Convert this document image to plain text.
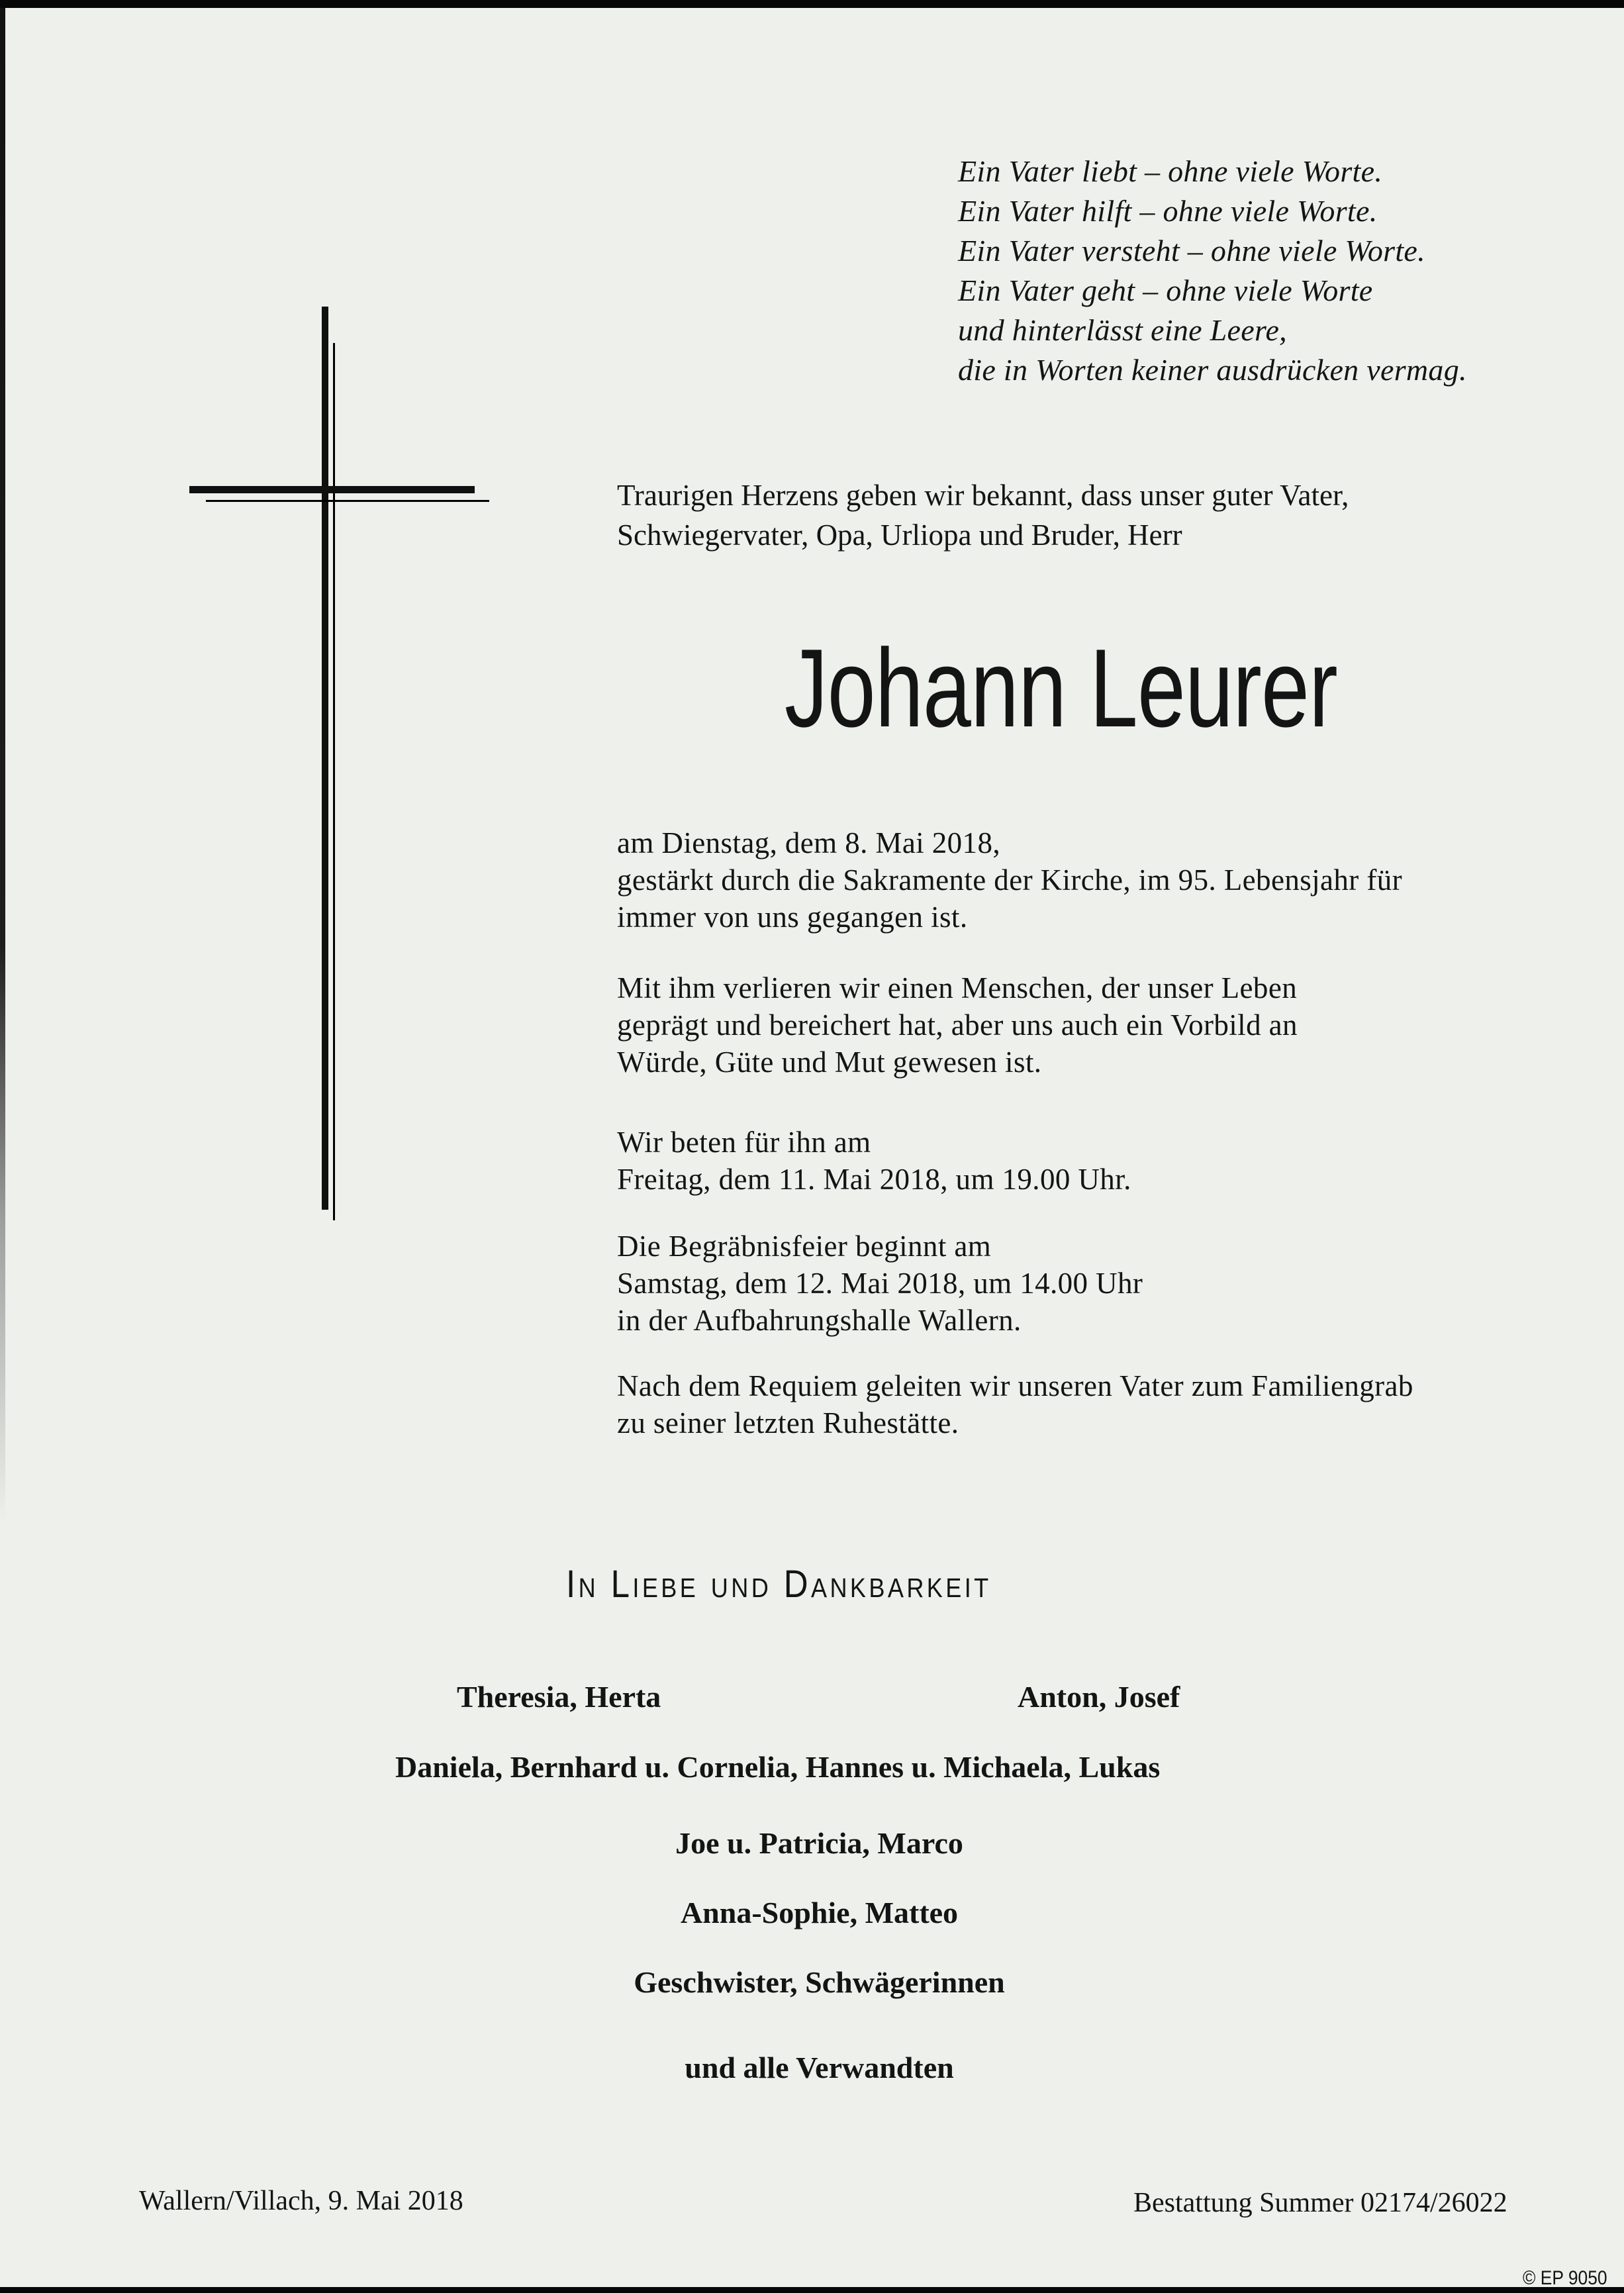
Ein Vater liebt – ohne viele Worte.
Ein Vater hilft – ohne viele Worte.
Ein Vater versteht – ohne viele Worte.
Ein Vater geht – ohne viele Worte
und hinterlässt eine Leere,
die in Worten keiner ausdrücken vermag.
Traurigen Herzens geben wir bekannt, dass unser guter Vater,
Schwiegervater, Opa, Urliopa und Bruder, Herr
Johann Leurer
am Dienstag, dem 8. Mai 2018,
gestärkt durch die Sakramente der Kirche, im 95. Lebensjahr für
immer von uns gegangen ist.
Mit ihm verlieren wir einen Menschen, der unser Leben
geprägt und bereichert hat, aber uns auch ein Vorbild an
Würde, Güte und Mut gewesen ist.
Wir beten für ihn am
Freitag, dem 11. Mai 2018, um 19.00 Uhr.
Die Begräbnisfeier beginnt am
Samstag, dem 12. Mai 2018, um 14.00 Uhr
in der Aufbahrungshalle Wallern.
Nach dem Requiem geleiten wir unseren Vater zum Familiengrab
zu seiner letzten Ruhestätte.
In Liebe und Dankbarkeit
Theresia, Herta	Anton, Josef
Daniela, Bernhard u. Cornelia, Hannes u. Michaela, Lukas
Joe u. Patricia, Marco
Anna-Sophie, Matteo
Geschwister, Schwägerinnen
und alle Verwandten
Wallern/Villach, 9. Mai 2018	Bestattung Summer 02174/26022
© EP 9050
